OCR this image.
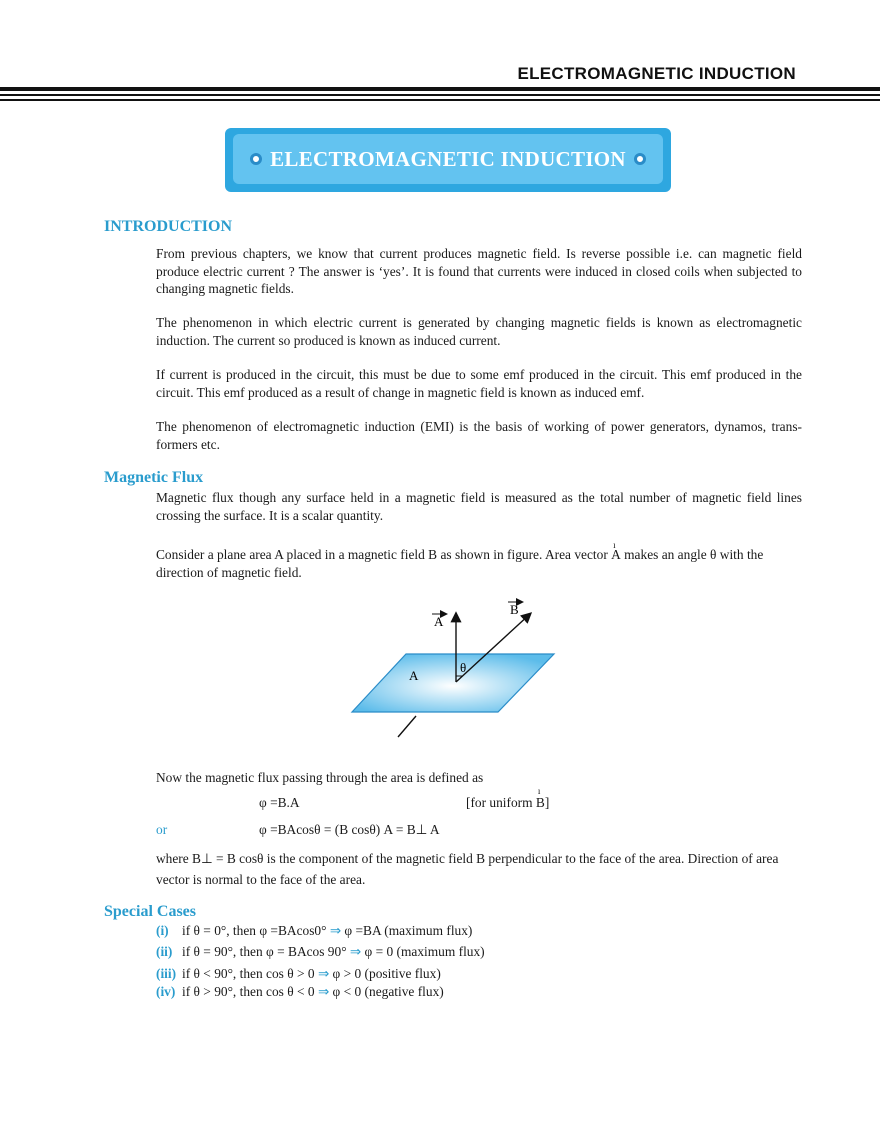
ELECTROMAGNETIC INDUCTION
ELECTROMAGNETIC INDUCTION
INTRODUCTION
From previous chapters, we know that current produces magnetic field. Is reverse possible i.e. can magnetic field produce electric current ? The answer is ‘yes’. It is found that currents were induced in closed coils when subjected to changing magnetic fields.
The phenomenon in which electric current is generated by changing magnetic fields is known as electromagnetic induction. The current so produced is known as induced current.
If current is produced in the circuit, this must be due to some emf produced in the circuit. This emf produced in the circuit. This emf produced as a result of change in magnetic field is known as induced emf.
The phenomenon of electromagnetic induction (EMI) is the basis of working of power generators, dynamos, trans-formers etc.
Magnetic Flux
Magnetic flux though any surface held in a magnetic field is measured as the total number of magnetic field lines crossing the surface. It is a scalar quantity.
Consider a plane area A placed in a magnetic field B as shown in figure. Area vector ı A makes an angle θ with the
direction of magnetic field.
A
B
θ
A
Now the magnetic flux passing through the area is defined as
φ =B.A	[for uniform ı B]
or	φ =BAcosθ = (B cosθ) A = B⊥ A
where B⊥ = B cosθ is the component of the magnetic field B perpendicular to the face of the area. Direction of area
vector is normal to the face of the area.
Special Cases
(i) if θ = 0°, then φ =BAcos0° ⇒ φ =BA (maximum flux)
(ii) if θ = 90°, then φ = BAcos 90° ⇒ φ = 0 (maximum flux)
(iii) if θ < 90°, then cos θ > 0 ⇒ φ > 0 (positive flux)
(iv) if θ > 90°, then cos θ < 0 ⇒ φ < 0 (negative flux)
